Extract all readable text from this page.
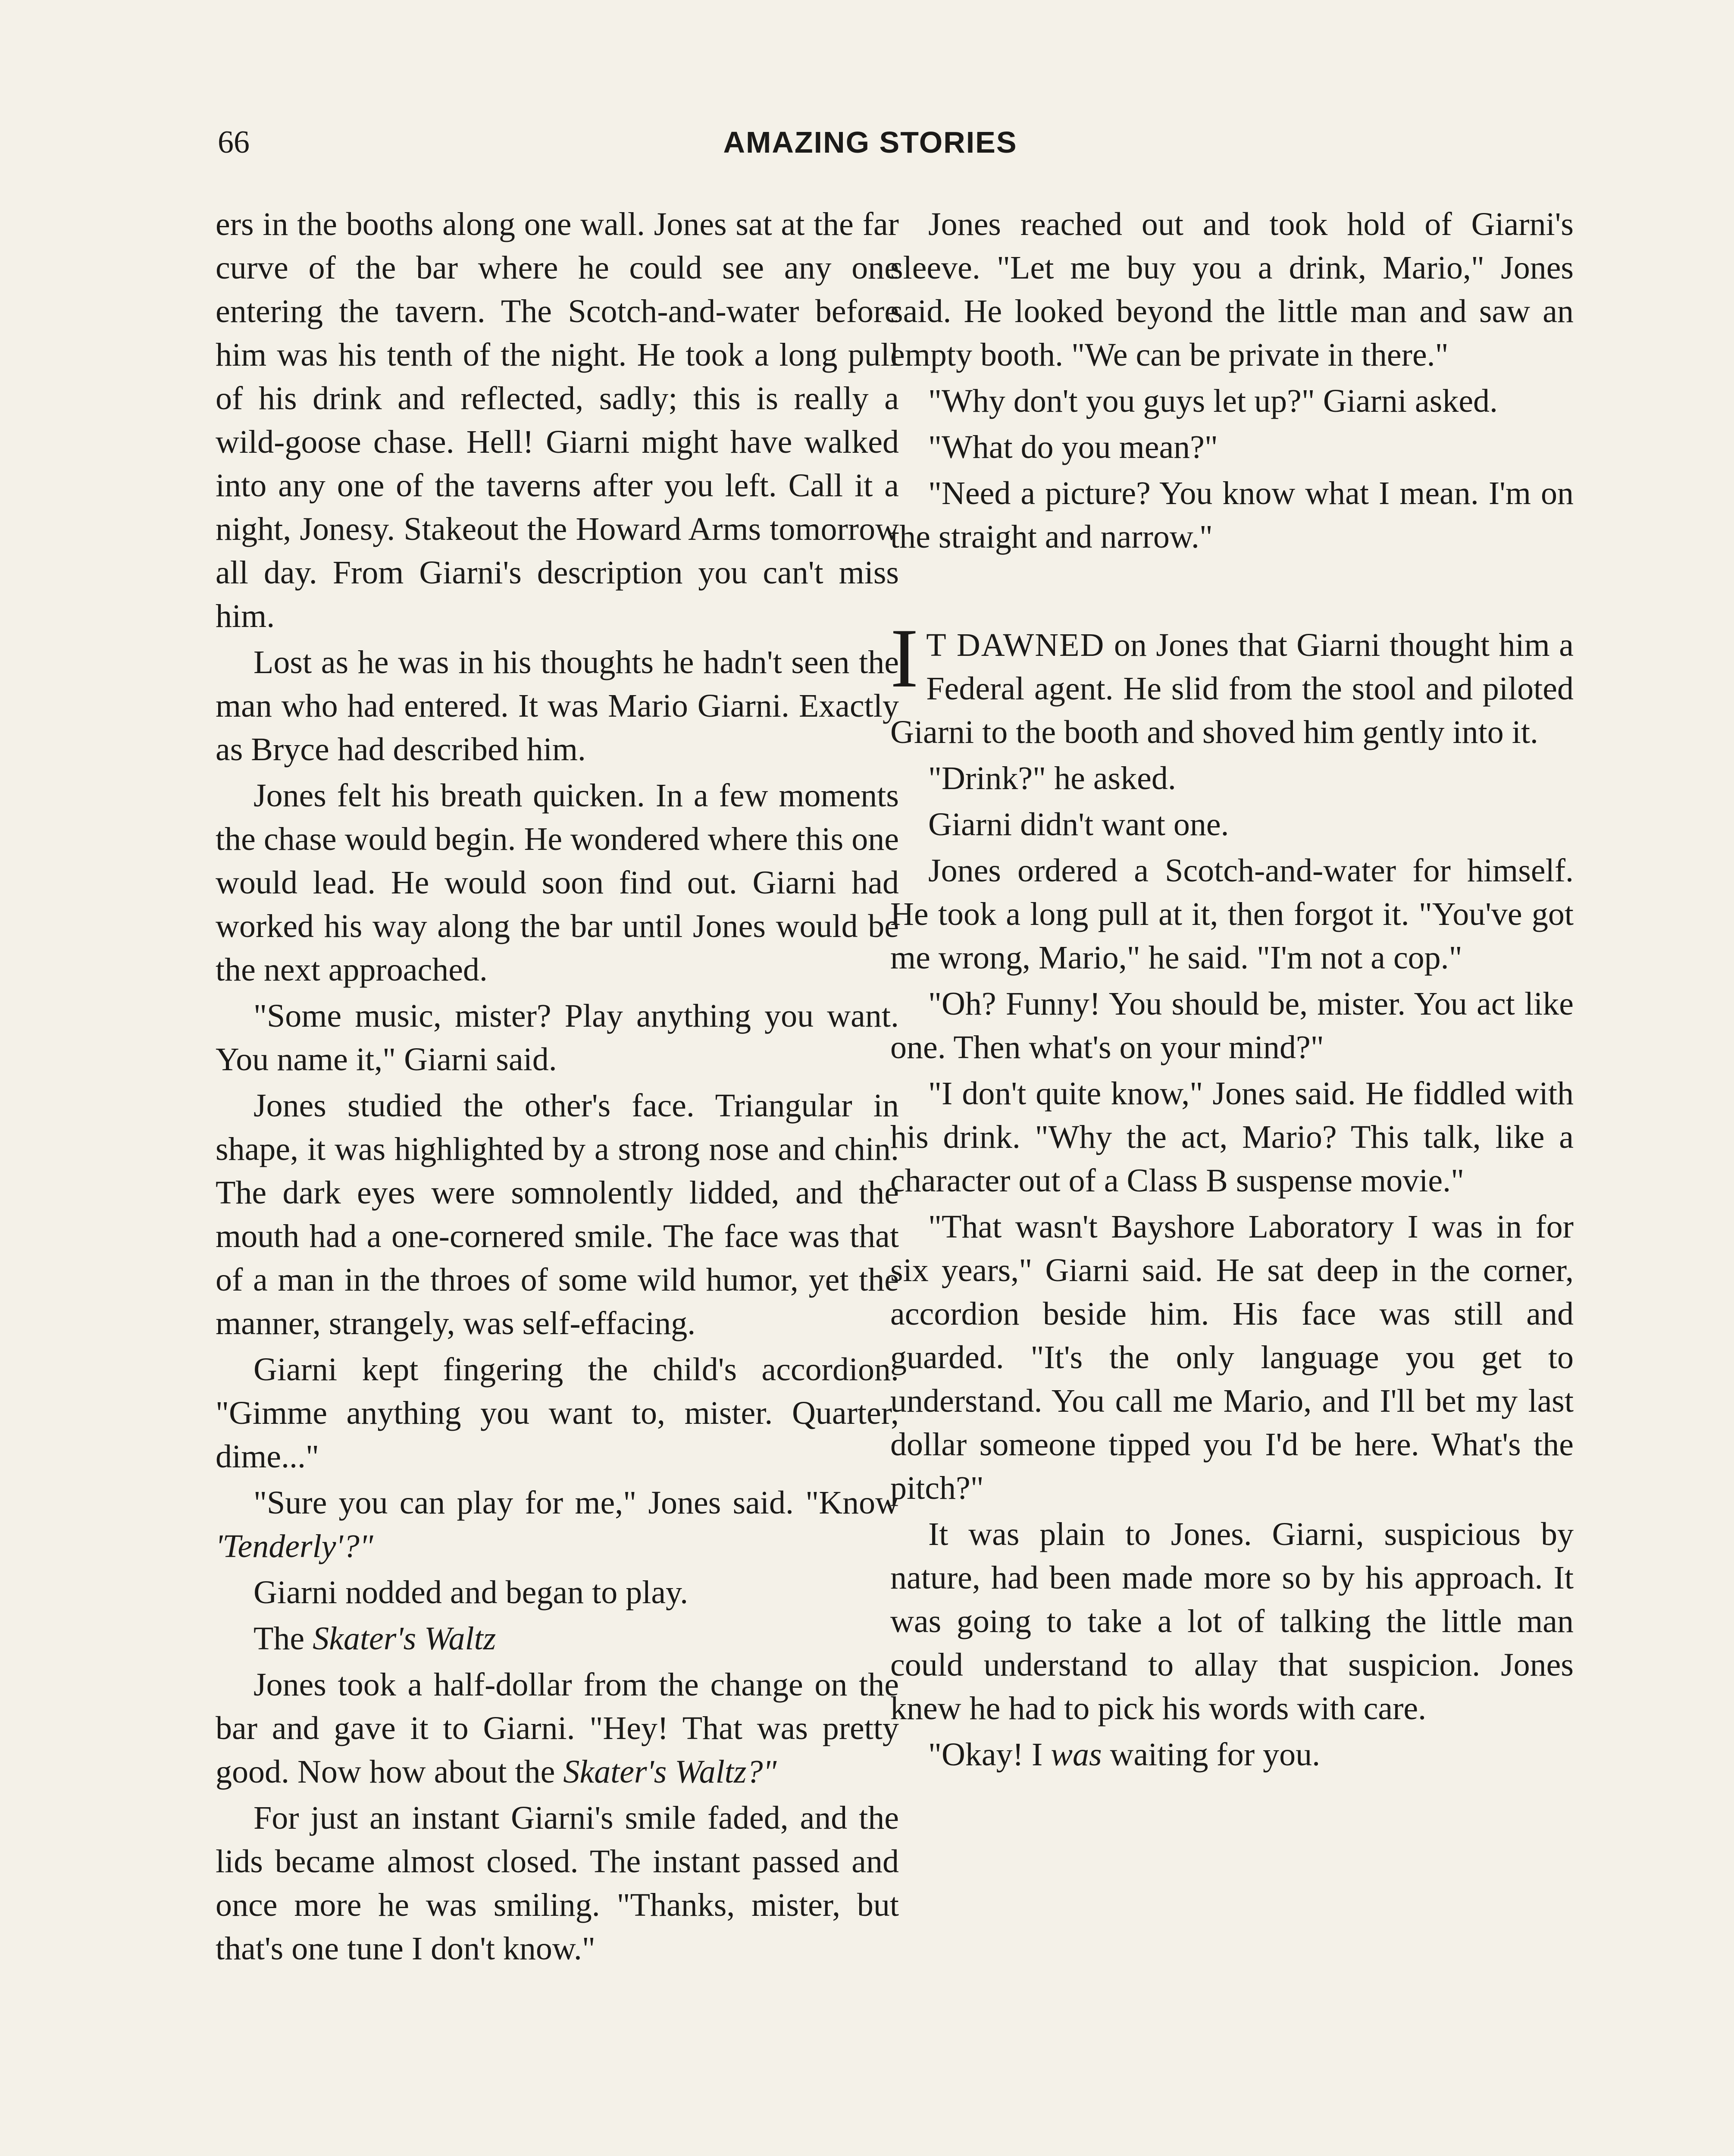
66	AMAZING STORIES

ers in the booths along one wall. Jones sat at the far curve of the bar where he could see any one entering the tavern. The Scotch-and-water before him was his tenth of the night. He took a long pull of his drink and reflected, sadly; this is really a wild-goose chase. Hell! Giarni might have walked into any one of the taverns after you left. Call it a night, Jonesy. Stakeout the Howard Arms tomorrow all day. From Giarni's description you can't miss him.

Lost as he was in his thoughts he hadn't seen the man who had entered. It was Mario Giarni. Exactly as Bryce had described him.

Jones felt his breath quicken. In a few moments the chase would begin. He wondered where this one would lead. He would soon find out. Giarni had worked his way along the bar until Jones would be the next approached.

"Some music, mister? Play anything you want. You name it," Giarni said.

Jones studied the other's face. Triangular in shape, it was highlighted by a strong nose and chin. The dark eyes were somnolently lidded, and the mouth had a one-cornered smile. The face was that of a man in the throes of some wild humor, yet the manner, strangely, was self-effacing.

Giarni kept fingering the child's accordion. "Gimme anything you want to, mister. Quarter, dime..."

"Sure you can play for me," Jones said. "Know 'Tenderly'?"

Giarni nodded and began to play.

The Skater's Waltz

Jones took a half-dollar from the change on the bar and gave it to Giarni. "Hey! That was pretty good. Now how about the Skater's Waltz?"

For just an instant Giarni's smile faded, and the lids became almost closed. The instant passed and once more he was smiling. "Thanks, mister, but that's one tune I don't know."

Jones reached out and took hold of Giarni's sleeve. "Let me buy you a drink, Mario," Jones said. He looked beyond the little man and saw an empty booth. "We can be private in there."

"Why don't you guys let up?" Giarni asked.

"What do you mean?"

"Need a picture? You know what I mean. I'm on the straight and narrow."

I T DAWNED on Jones that Giarni thought him a Federal agent. He slid from the stool and piloted Giarni to the booth and shoved him gently into it.

"Drink?" he asked.

Giarni didn't want one.

Jones ordered a Scotch-and-water for himself. He took a long pull at it, then forgot it. "You've got me wrong, Mario," he said. "I'm not a cop."

"Oh? Funny! You should be, mister. You act like one. Then what's on your mind?"

"I don't quite know," Jones said. He fiddled with his drink. "Why the act, Mario? This talk, like a character out of a Class B suspense movie."

"That wasn't Bayshore Laboratory I was in for six years," Giarni said. He sat deep in the corner, accordion beside him. His face was still and guarded. "It's the only language you get to understand. You call me Mario, and I'll bet my last dollar someone tipped you I'd be here. What's the pitch?"

It was plain to Jones. Giarni, suspicious by nature, had been made more so by his approach. It was going to take a lot of talking the little man could understand to allay that suspicion. Jones knew he had to pick his words with care.

"Okay! I was waiting for you.
